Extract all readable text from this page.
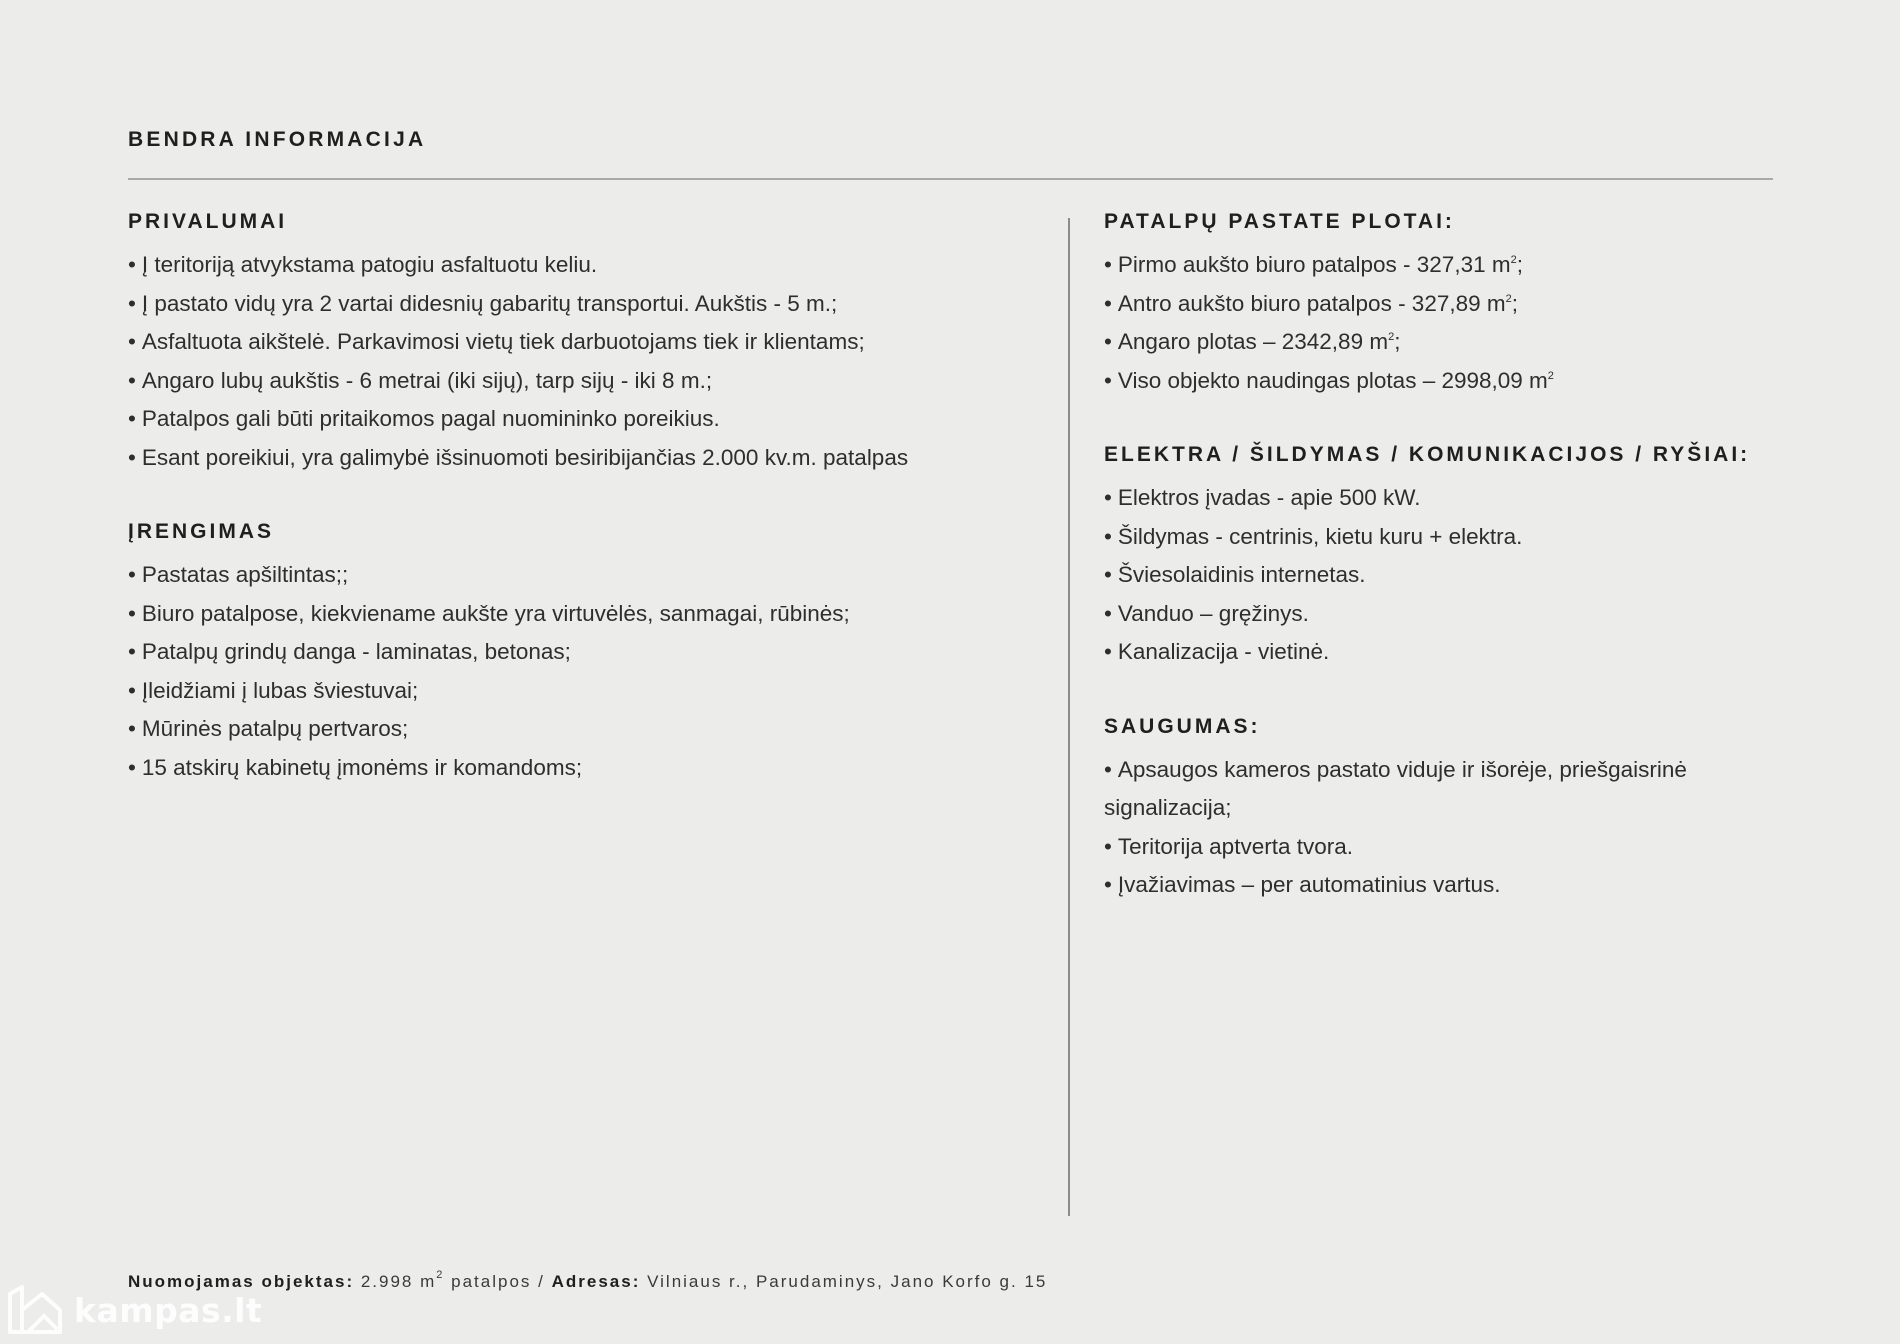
BENDRA INFORMACIJA
PRIVALUMAI

• Į teritoriją atvykstama patogiu asfaltuotu keliu.

• Į pastato vidų yra 2 vartai didesnių gabaritų transportui. Aukštis - 5 m.;

• Asfaltuota aikštelė. Parkavimosi vietų tiek darbuotojams tiek ir klientams;

• Angaro lubų aukštis - 6 metrai (iki sijų), tarp sijų - iki 8 m.;

• Patalpos gali būti pritaikomos pagal nuomininko poreikius.

• Esant poreikiui, yra galimybė išsinuomoti besiribijančias 2.000 kv.m. patalpas

ĮRENGIMAS

• Pastatas apšiltintas;;

• Biuro patalpose, kiekviename aukšte yra virtuvėlės, sanmagai, rūbinės;

• Patalpų grindų danga - laminatas, betonas;

• Įleidžiami į lubas šviestuvai;

• Mūrinės patalpų pertvaros;

• 15 atskirų kabinetų įmonėms ir komandoms;

PATALPŲ PASTATE PLOTAI:

• Pirmo aukšto biuro patalpos - 327,31 $m^2$;

• Antro aukšto biuro patalpos - 327,89 $m^2$;

• Angaro plotas – 2342,89 $m^2$;

• Viso objekto naudingas plotas – 2998,09 $m^2$

ELEKTRA / ŠILDYMAS / KOMUNIKACIJOS / RYŠIAI:

• Elektros įvadas - apie 500 kW.

• Šildymas - centrinis, kietu kuru + elektra.

• Šviesolaidinis internetas.

• Vanduo – gręžinys.

• Kanalizacija - vietinė.

SAUGUMAS:

• Apsaugos kameros pastato viduje ir išorėje, priešgaisrinė signalizacija;

• Teritorija aptverta tvora.

• Įvažiavimas – per automatinius vartus.

Nuomojamas objektas: 2.998 $m^2$ patalpos / Adresas: Vilniaus r., Parudaminys, Jano Korfo g. 15
kampas.lt
